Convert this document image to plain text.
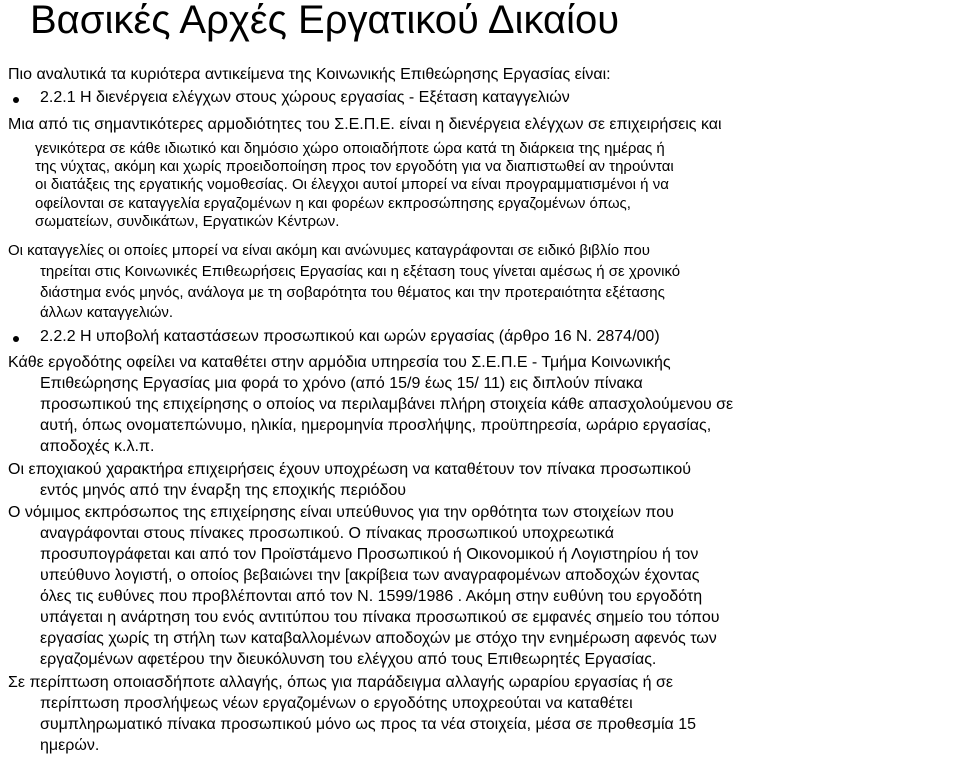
Βασικές Αρχές Εργατικού Δικαίου
Πιο αναλυτικά τα κυριότερα αντικείμενα της Κοινωνικής Επιθεώρησης Εργασίας είναι:
2.2.1 Η διενέργεια ελέγχων στους χώρους εργασίας - Εξέταση καταγγελιών
Μια από τις σημαντικότερες αρμοδιότητες του Σ.Ε.Π.Ε. είναι η διενέργεια ελέγχων σε επιχειρήσεις και
γενικότερα σε κάθε ιδιωτικό και δημόσιο χώρο οποιαδήποτε ώρα κατά τη διάρκεια της ημέρας ή
της νύχτας, ακόμη και χωρίς προειδοποίηση προς τον εργοδότη για να διαπιστωθεί αν τηρούνται
οι διατάξεις της εργατικής νομοθεσίας. Οι έλεγχοι αυτοί μπορεί να είναι προγραμματισμένοι ή να
οφείλονται σε καταγγελία εργαζομένων η και φορέων εκπροσώπησης εργαζομένων όπως,
σωματείων, συνδικάτων, Εργατικών Κέντρων.
Οι καταγγελίες οι οποίες μπορεί να είναι ακόμη και ανώνυμες καταγράφονται σε ειδικό βιβλίο που
τηρείται στις Κοινωνικές Επιθεωρήσεις Εργασίας και η εξέταση τους γίνεται αμέσως ή σε χρονικό
διάστημα ενός μηνός, ανάλογα με τη σοβαρότητα του θέματος και την προτεραιότητα εξέτασης
άλλων καταγγελιών.
2.2.2 Η υποβολή καταστάσεων προσωπικού και ωρών εργασίας (άρθρο 16 Ν. 2874/00)
Κάθε εργοδότης οφείλει να καταθέτει στην αρμόδια υπηρεσία του Σ.Ε.Π.Ε - Τμήμα Κοινωνικής
Επιθεώρησης Εργασίας μια φορά το χρόνο (από 15/9 έως 15/ 11) εις διπλούν πίνακα
προσωπικού της επιχείρησης ο οποίος να περιλαμβάνει πλήρη στοιχεία κάθε απασχολούμενου σε
αυτή, όπως ονοματεπώνυμο, ηλικία, ημερομηνία προσλήψης, προϋπηρεσία, ωράριο εργασίας,
αποδοχές κ.λ.π.
Οι εποχιακού χαρακτήρα επιχειρήσεις έχουν υποχρέωση να καταθέτουν τον πίνακα προσωπικού
εντός μηνός από την έναρξη της εποχικής περιόδου
Ο νόμιμος εκπρόσωπος της επιχείρησης είναι υπεύθυνος για την ορθότητα των στοιχείων που
αναγράφονται στους πίνακες προσωπικού. Ο πίνακας προσωπικού υποχρεωτικά
προσυπογράφεται και από τον Προϊστάμενο Προσωπικού ή Οικονομικού ή Λογιστηρίου ή τον
υπεύθυνο λογιστή, ο οποίος βεβαιώνει την [ακρίβεια των αναγραφομένων αποδοχών έχοντας
όλες τις ευθύνες που προβλέπονται από τον Ν. 1599/1986 . Ακόμη στην ευθύνη του εργοδότη
υπάγεται η ανάρτηση του ενός αντιτύπου του πίνακα προσωπικού σε εμφανές σημείο του τόπου
εργασίας χωρίς τη στήλη των καταβαλλομένων αποδοχών με στόχο την ενημέρωση αφενός των
εργαζομένων αφετέρου την διευκόλυνση του ελέγχου από τους Επιθεωρητές Εργασίας.
Σε περίπτωση οποιασδήποτε αλλαγής, όπως για παράδειγμα αλλαγής ωραρίου εργασίας ή σε
περίπτωση προσλήψεως νέων εργαζομένων ο εργοδότης υποχρεούται να καταθέτει
συμπληρωματικό πίνακα προσωπικού μόνο ως προς τα νέα στοιχεία, μέσα σε προθεσμία 15
ημερών.
